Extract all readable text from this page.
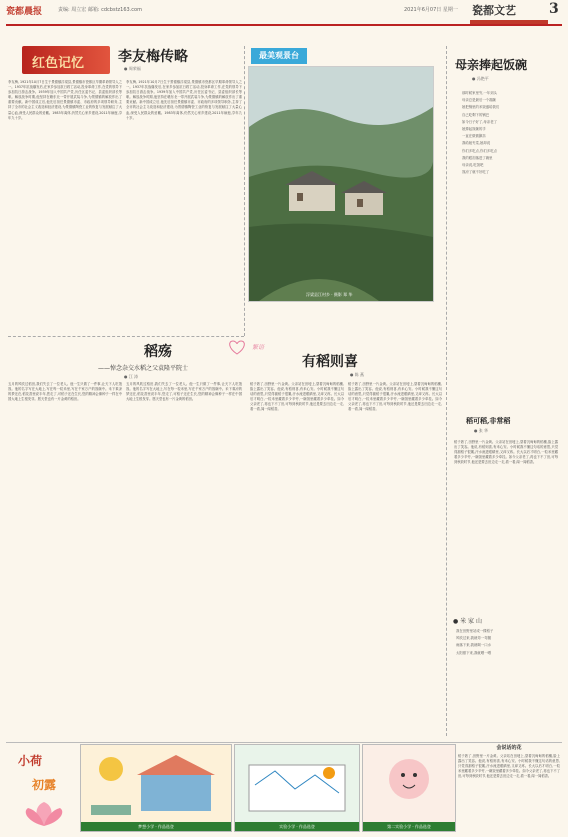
瓷都晨报	责编: 周立宏 邮箱: cdcbstz163.com	2021年6月07日 星期一 瓷都文艺 3
红色记忆 李友梅传略
● 周荣福
李友梅, 1921年10月7日生于景德镇浮梁县,景德镇市瓷都区早期革命领导人之一。1937年抗战爆发后,在家乡参加抗日救亡活动,投身革命工作,在党的领导下参加抗日游击战争。1939年加入中国共产党,历任区委书记、县委组织部长等职。解放战争时期,他坚持在赣东北一带开展武装斗争,为景德镇的解放作出了重要贡献。新中国成立后,他先后担任景德镇市委、市政府的多项领导职务,主持了全市的社会主义改造和经济建设,为景德镇陶瓷工业的恢复与发展倾注了大量心血,深受人民群众的爱戴。1983年离休,仍然关心家乡建设,2011年病逝,享年九十岁。
李友梅, 1921年10月7日生于景德镇浮梁县,景德镇市瓷都区早期革命领导人之一。1937年抗战爆发后,在家乡参加抗日救亡活动,投身革命工作,在党的领导下参加抗日游击战争。1939年加入中国共产党,历任区委书记、县委组织部长等职。解放战争时期,他坚持在赣东北一带开展武装斗争,为景德镇的解放作出了重要贡献。新中国成立后,他先后担任景德镇市委、市政府的多项领导职务,主持了全市的社会主义改造和经济建设,为景德镇陶瓷工业的恢复与发展倾注了大量心血,深受人民群众的爱戴。1983年离休,仍然关心家乡建设,2011年病逝,享年九十岁。
最美观景台
浮梁县江村乡 · 摄影 郑 华
母亲捧起饭碗
● 冯艳平
那时候家里穷,一年到头
母亲总是最后一个端碗
她把锅里的米饭盛给我们
自己吃剩下的锅巴
如今日子好了,母亲老了
她捧起饭碗的手
一直在微微颤抖
我给她夹菜,她却说
你们多吃点,你们多吃点
我的眼泪落进了碗里
母亲说,吃饭吧
饭凉了就不好吃了
稻殇
——悼念杂交水稻之父袁隆平院士
● 江 涛
五月的风吹过稻田,我们失去了一位老人。他一生只做了一件事,让天下人吃饱饭。他的名字写在大地上,写在每一粒米里,写在千家万户的饭碗中。禾下乘凉的梦还在,稻花香里说丰年,您走了,可稻子还在生长,您的精神会像种子一样在中国大地上生根发芽。愿天堂也有一片金黄的稻田。
五月的风吹过稻田,我们失去了一位老人。他一生只做了一件事,让天下人吃饱饭。他的名字写在大地上,写在每一粒米里,写在千家万户的饭碗中。禾下乘凉的梦还在,稻花香里说丰年,您走了,可稻子还在生长,您的精神会像种子一样在中国大地上生根发芽。愿天堂也有一片金黄的稻田。
繁语
有稻则喜
● 陈 燕
稻子熟了,田野里一片金黄。父亲站在田埂上,望着沉甸甸的稻穗,脸上露出了笑容。他说,有稻则喜,有米心安。小时候我不懂这句话的意思,只觉得割稻子很累,汗水流进眼睛里,又痒又疼。长大以后才明白,一粒米里藏着多少辛劳,一碗饭里藏着多少牵挂。如今父亲老了,再也下不了田,可每到秋收时节,他还是要去田边走一走,看一看,闻一闻稻香。
稻子熟了,田野里一片金黄。父亲站在田埂上,望着沉甸甸的稻穗,脸上露出了笑容。他说,有稻则喜,有米心安。小时候我不懂这句话的意思,只觉得割稻子很累,汗水流进眼睛里,又痒又疼。长大以后才明白,一粒米里藏着多少辛劳,一碗饭里藏着多少牵挂。如今父亲老了,再也下不了田,可每到秋收时节,他还是要去田边走一走,看一看,闻一闻稻香。
稻可稻,非常稻
● 张 华
稻子熟了,田野里一片金黄。父亲站在田埂上,望着沉甸甸的稻穗,脸上露出了笑容。他说,有稻则喜,有米心安。小时候我不懂这句话的意思,只觉得割稻子很累,汗水流进眼睛里,又痒又疼。长大以后才明白,一粒米里藏着多少辛劳,一碗饭里藏着多少牵挂。如今父亲老了,再也下不了田,可每到秋收时节,他还是要去田边走一走,看一看,闻一闻稻香。
● 米 家 山
我在田野里站成一棵稻子
风吹过来,我就弯一弯腰
雨落下来,我就喝一口水
太阳照下来,我就晒一晒
小荷
初露
梦想小学 · 作品选登	实验小学 · 作品选登	第二实验小学 · 作品选登
会说话的花
稻子熟了,田野里一片金黄。父亲站在田埂上,望着沉甸甸的稻穗,脸上露出了笑容。他说,有稻则喜,有米心安。小时候我不懂这句话的意思,只觉得割稻子很累,汗水流进眼睛里,又痒又疼。长大以后才明白,一粒米里藏着多少辛劳,一碗饭里藏着多少牵挂。如今父亲老了,再也下不了田,可每到秋收时节,他还是要去田边走一走,看一看,闻一闻稻香。
